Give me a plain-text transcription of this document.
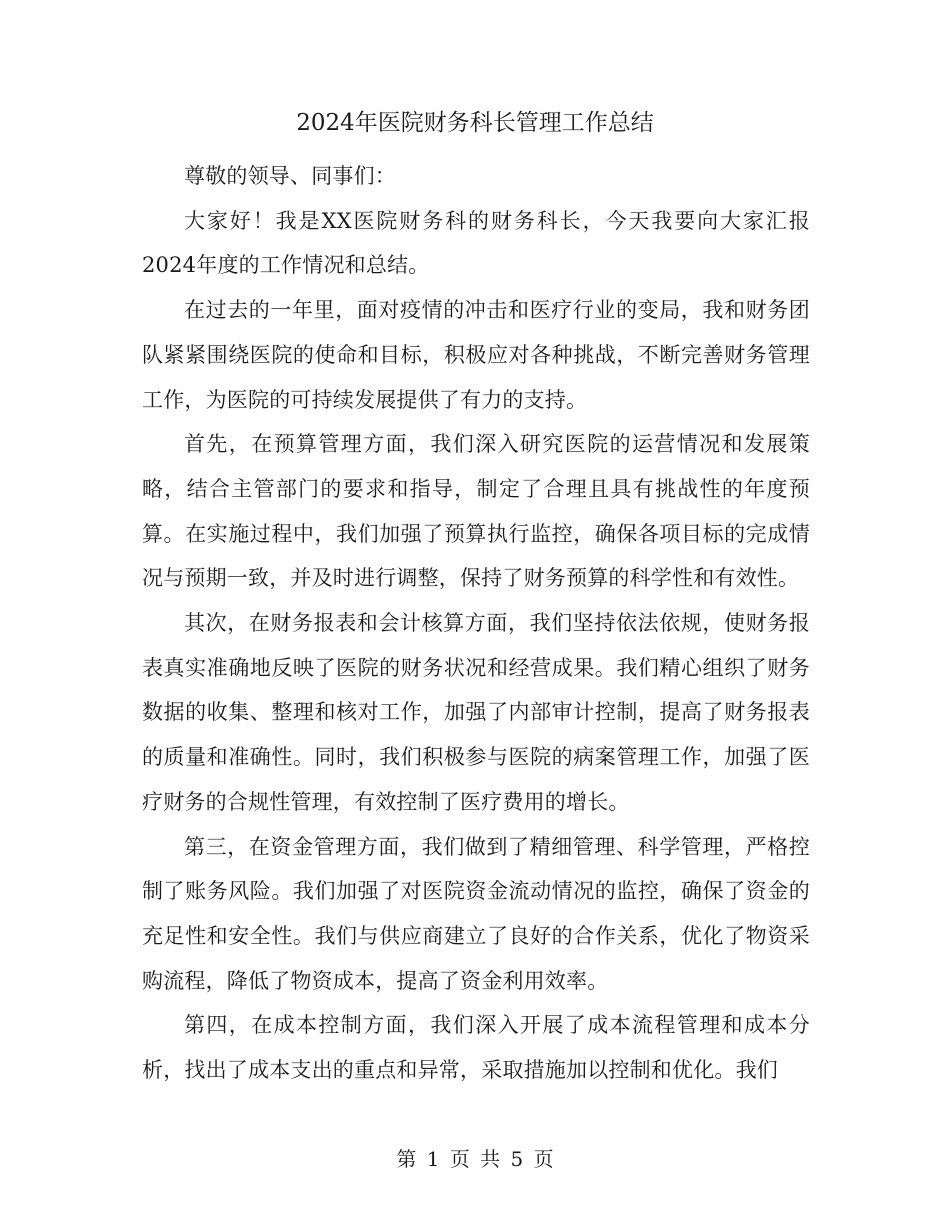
2024年医院财务科长管理工作总结

尊敬的领导、同事们：

大家好！我是XX医院财务科的财务科长，今天我要向大家汇报2024年度的工作情况和总结。

在过去的一年里，面对疫情的冲击和医疗行业的变局，我和财务团队紧紧围绕医院的使命和目标，积极应对各种挑战，不断完善财务管理工作，为医院的可持续发展提供了有力的支持。

首先，在预算管理方面，我们深入研究医院的运营情况和发展策略，结合主管部门的要求和指导，制定了合理且具有挑战性的年度预算。在实施过程中，我们加强了预算执行监控，确保各项目标的完成情况与预期一致，并及时进行调整，保持了财务预算的科学性和有效性。

其次，在财务报表和会计核算方面，我们坚持依法依规，使财务报表真实准确地反映了医院的财务状况和经营成果。我们精心组织了财务数据的收集、整理和核对工作，加强了内部审计控制，提高了财务报表的质量和准确性。同时，我们积极参与医院的病案管理工作，加强了医疗财务的合规性管理，有效控制了医疗费用的增长。

第三，在资金管理方面，我们做到了精细管理、科学管理，严格控制了账务风险。我们加强了对医院资金流动情况的监控，确保了资金的充足性和安全性。我们与供应商建立了良好的合作关系，优化了物资采购流程，降低了物资成本，提高了资金利用效率。

第四，在成本控制方面，我们深入开展了成本流程管理和成本分析，找出了成本支出的重点和异常，采取措施加以控制和优化。我们

第 1 页 共 5 页
